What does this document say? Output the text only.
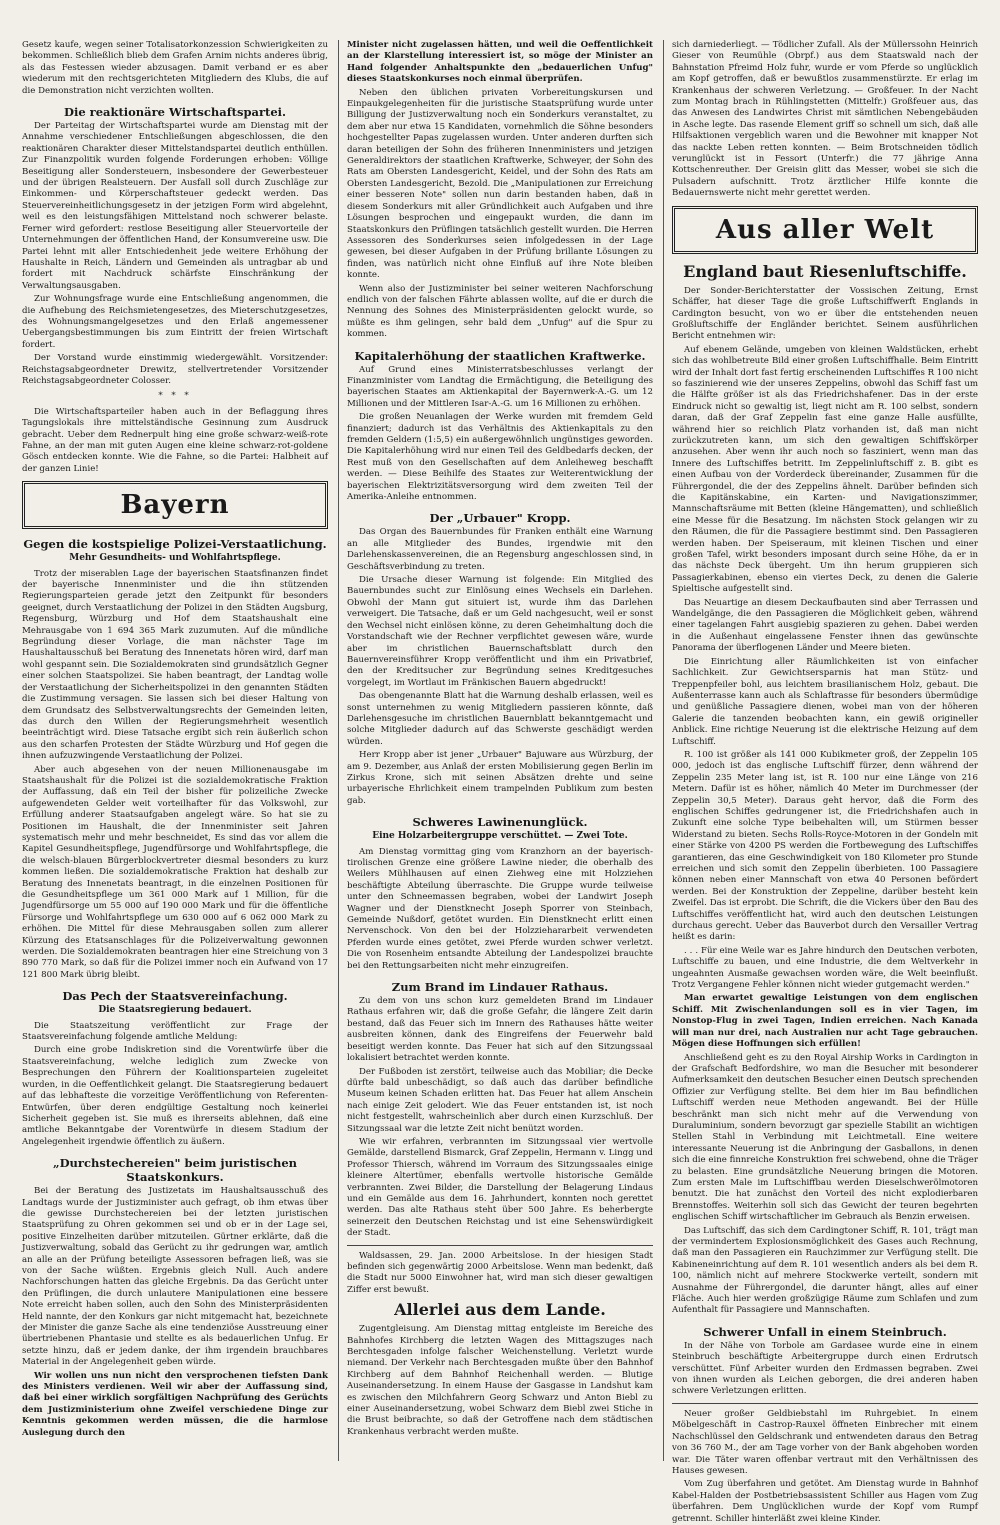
Gesetz kaufe, wegen seiner Totalisatorkonzession Schwierigkeiten zu bekommen. Schließlich blieb dem Grafen Arnim nichts anderes übrig, als das Festessen wieder abzusagen. Damit verband er es aber wiederum mit den rechtsgerichteten Mitgliedern des Klubs, die auf die Demonstration nicht verzichten wollten.

Die reaktionäre Wirtschaftspartei.

Der Parteitag der Wirtschaftspartei wurde am Dienstag mit der Annahme verschiedener Entschließungen abgeschlossen, die den reaktionären Charakter dieser Mittelstandspartei deutlich enthüllen. Zur Finanzpolitik wurden folgende Forderungen erhoben: Völlige Beseitigung aller Sondersteuern, insbesondere der Gewerbesteuer und der übrigen Realsteuern. Der Ausfall soll durch Zuschläge zur Einkommen- und Körperschaftsteuer gedeckt werden. Das Steuervereinheitlichungsgesetz in der jetzigen Form wird abgelehnt, weil es den leistungsfähigen Mittelstand noch schwerer belaste. Ferner wird gefordert: restlose Beseitigung aller Steuervorteile der Unternehmungen der öffentlichen Hand, der Konsumvereine usw. Die Partei lehnt mit aller Entschiedenheit jede weitere Erhöhung der Haushalte in Reich, Ländern und Gemeinden als untragbar ab und fordert mit Nachdruck schärfste Einschränkung der Verwaltungsausgaben.

Zur Wohnungsfrage wurde eine Entschließung angenommen, die die Aufhebung des Reichsmietengesetzes, des Mieterschutzgesetzes, des Wohnungsmangelgesetzes und den Erlaß angemessener Uebergangsbestimmungen bis zum Eintritt der freien Wirtschaft fordert.

Der Vorstand wurde einstimmig wiedergewählt. Vorsitzender: Reichstagsabgeordneter Drewitz, stellvertretender Vorsitzender Reichstagsabgeordneter Colosser.

* * *

Die Wirtschaftsparteiler haben auch in der Beflaggung ihres Tagungslokals ihre mittelständische Gesinnung zum Ausdruck gebracht. Ueber dem Rednerpult hing eine große schwarz-weiß-rote Fahne, an der man mit guten Augen eine kleine schwarz-rot-goldene Gösch entdecken konnte. Wie die Fahne, so die Partei: Halbheit auf der ganzen Linie!

Bayern
Gegen die kostspielige Polizei-Verstaatlichung.
Mehr Gesundheits- und Wohlfahrtspflege.

Trotz der miserablen Lage der bayerischen Staatsfinanzen findet der bayerische Innenminister und die ihn stützenden Regierungsparteien gerade jetzt den Zeitpunkt für besonders geeignet, durch Verstaatlichung der Polizei in den Städten Augsburg, Regensburg, Würzburg und Hof dem Staatshaushalt eine Mehrausgabe von 1 694 365 Mark zuzumuten. Auf die mündliche Begründung dieser Vorlage, die man nächster Tage im Haushaltausschuß bei Beratung des Innenetats hören wird, darf man wohl gespannt sein. Die Sozialdemokraten sind grundsätzlich Gegner einer solchen Staatspolizei. Sie haben beantragt, der Landtag wolle der Verstaatlichung der Sicherheitspolizei in den genannten Städten die Zustimmung versagen. Sie lassen sich bei dieser Haltung von dem Grundsatz des Selbstverwaltungsrechts der Gemeinden leiten, das durch den Willen der Regierungsmehrheit wesentlich beeinträchtigt wird. Diese Tatsache ergibt sich rein äußerlich schon aus den scharfen Protesten der Städte Würzburg und Hof gegen die ihnen aufzuzwingende Verstaatlichung der Polizei.

Aber auch abgesehen von der neuen Millionenausgabe im Staatshaushalt für die Polizei ist die sozialdemokratische Fraktion der Auffassung, daß ein Teil der bisher für polizeiliche Zwecke aufgewendeten Gelder weit vorteilhafter für das Volkswohl, zur Erfüllung anderer Staatsaufgaben angelegt wäre. So hat sie zu Positionen im Haushalt, die der Innenminister seit Jahren systematisch mehr und mehr beschneidet, Es sind das vor allem die Kapitel Gesundheitspflege, Jugendfürsorge und Wohlfahrtspflege, die die welsch-blauen Bürgerblockvertreter diesmal besonders zu kurz kommen ließen. Die sozialdemokratische Fraktion hat deshalb zur Beratung des Innenetats beantragt, in die einzelnen Positionen für die Gesundheitspflege um 361 000 Mark auf 1 Million, für die Jugendfürsorge um 55 000 auf 190 000 Mark und für die öffentliche Fürsorge und Wohlfahrtspflege um 630 000 auf 6 062 000 Mark zu erhöhen. Die Mittel für diese Mehrausgaben sollen zum allerer Kürzung des Etatsanschlages für die Polizeiverwaltung gewonnen werden. Die Sozialdemokraten beantragen hier eine Streichung von 3 890 770 Mark, so daß für die Polizei immer noch ein Aufwand von 17 121 800 Mark übrig bleibt.

Das Pech der Staatsvereinfachung.
Die Staatsregierung bedauert.

Die Staatszeitung veröffentlicht zur Frage der Staatsvereinfachung folgende amtliche Meldung:

Durch eine grobe Indiskretion sind die Vorentwürfe über die Staatsvereinfachung, welche lediglich zum Zwecke von Besprechungen den Führern der Koalitionsparteien zugeleitet wurden, in die Oeffentlichkeit gelangt. Die Staatsregierung bedauert auf das lebhafteste die vorzeitige Veröffentlichung von Referenten-Entwürfen, über deren endgültige Gestaltung noch keinerlei Sicherheit gegeben ist. Sie muß es ihrerseits ablehnen, daß eine amtliche Bekanntgabe der Vorentwürfe in diesem Stadium der Angelegenheit irgendwie öffentlich zu äußern.

„Durchstechereien" beim juristischen Staatskonkurs.

Bei der Beratung des Justizetats im Haushaltsausschuß des Landtags wurde der Justizminister auch gefragt, ob ihm etwas über die gewisse Durchstechereien bei der letzten juristischen Staatsprüfung zu Ohren gekommen sei und ob er in der Lage sei, positive Einzelheiten darüber mitzuteilen. Gürtner erklärte, daß die Justizverwaltung, sobald das Gerücht zu ihr gedrungen war, amtlich an alle an der Prüfung beteiligte Assessoren befragen ließ, was sie von der Sache wüßten. Ergebnis gleich Null. Auch andere Nachforschungen hatten das gleiche Ergebnis. Da das Gerücht unter den Prüflingen, die durch unlautere Manipulationen eine bessere Note erreicht haben sollen, auch den Sohn des Ministerpräsidenten Held nannte, der den Konkurs gar nicht mitgemacht hat, bezeichnete der Minister die ganze Sache als eine tendenziöse Ausstreuung einer übertriebenen Phantasie und stellte es als bedauerlichen Unfug. Er setzte hinzu, daß er jedem danke, der ihm irgendein brauchbares Material in der Angelegenheit geben würde.

Wir wollen uns nun nicht den versprochenen tiefsten Dank des Ministers verdienen. Weil wir aber der Auffassung sind, daß bei einer wirklich sorgfältigen Nachprüfung des Gerüchts dem Justizministerium ohne Zweifel verschiedene Dinge zur Kenntnis gekommen werden müssen, die die harmlose Auslegung durch den

Minister nicht zugelassen hätten, und weil die Oeffentlichkeit an der Klarstellung interessiert ist, so möge der Minister an Hand folgender Anhaltspunkte den „bedauerlichen Unfug" dieses Staatskonkurses noch einmal überprüfen.

Neben den üblichen privaten Vorbereitungskursen und Einpaukgelegenheiten für die juristische Staatsprüfung wurde unter Billigung der Justizverwaltung noch ein Sonderkurs veranstaltet, zu dem aber nur etwa 15 Kandidaten, vornehmlich die Söhne besonders hochgestellter Papas zugelassen wurden. Unter anderen durften sich daran beteiligen der Sohn des früheren Innenministers und jetzigen Generaldirektors der staatlichen Kraftwerke, Schweyer, der Sohn des Rats am Obersten Landesgericht, Keidel, und der Sohn des Rats am Obersten Landesgericht, Bezold. Die „Manipulationen zur Erreichung einer besseren Note" sollen nun darin bestanden haben, daß in diesem Sonderkurs mit aller Gründlichkeit auch Aufgaben und ihre Lösungen besprochen und eingepaukt wurden, die dann im Staatskonkurs den Prüflingen tatsächlich gestellt wurden. Die Herren Assessoren des Sonderkurses seien infolgedessen in der Lage gewesen, bei dieser Aufgaben in der Prüfung brillante Lösungen zu finden, was natürlich nicht ohne Einfluß auf ihre Note bleiben konnte.

Wenn also der Justizminister bei seiner weiteren Nachforschung endlich von der falschen Fährte ablassen wollte, auf die er durch die Nennung des Sohnes des Ministerpräsidenten gelockt wurde, so müßte es ihm gelingen, sehr bald dem „Unfug" auf die Spur zu kommen.

Kapitalerhöhung der staatlichen Kraftwerke.

Auf Grund eines Ministerratsbeschlusses verlangt der Finanzminister vom Landtag die Ermächtigung, die Beteiligung des bayerischen Staates am Aktienkapital der Bayernwerk-A.-G. um 12 Millionen und der Mittleren Isar-A.-G. um 16 Millionen zu erhöhen.

Die großen Neuanlagen der Werke wurden mit fremdem Geld finanziert; dadurch ist das Verhältnis des Aktienkapitals zu den fremden Geldern (1:5,5) ein außergewöhnlich ungünstiges geworden. Die Kapitalerhöhung wird nur einen Teil des Geldbedarfs decken, der Rest muß von den Gesellschaften auf dem Anleiheweg beschafft werden. — Diese Beihilfe des Staates zur Weiterentwicklung der bayerischen Elektrizitätsversorgung wird dem zweiten Teil der Amerika-Anleihe entnommen.

Der „Urbauer" Kropp.

Das Organ des Bauernbundes für Franken enthält eine Warnung an alle Mitglieder des Bundes, irgendwie mit den Darlehenskassenvereinen, die an Regensburg angeschlossen sind, in Geschäftsverbindung zu treten.

Die Ursache dieser Warnung ist folgende: Ein Mitglied des Bauernbundes sucht zur Einlösung eines Wechsels ein Darlehen. Obwohl der Mann gut situiert ist, wurde ihm das Darlehen verweigert. Die Tatsache, daß er um Geld nachgesucht, weil er sonst den Wechsel nicht einlösen könne, zu deren Geheimhaltung doch die Vorstandschaft wie der Rechner verpflichtet gewesen wäre, wurde aber im christlichen Bauernschaftsblatt durch den Bauernvereinsführer Kropp veröffentlicht und ihm ein Privatbrief, den der Kreditsucher zur Begründung seines Kreditgesuches vorgelegt, im Wortlaut im Fränkischen Bauern abgedruckt!

Das obengenannte Blatt hat die Warnung deshalb erlassen, weil es sonst unternehmen zu wenig Mitgliedern passieren könnte, daß Darlehensgesuche im christlichen Bauernblatt bekanntgemacht und solche Mitglieder dadurch auf das Schwerste geschädigt werden würden.

Herr Kropp aber ist jener „Urbauer" Bajuware aus Würzburg, der am 9. Dezember, aus Anlaß der ersten Mobilisierung gegen Berlin im Zirkus Krone, sich mit seinen Absätzen drehte und seine urbayerische Ehrlichkeit einem trampelnden Publikum zum besten gab.

Schweres Lawinenunglück.
Eine Holzarbeitergruppe verschüttet. — Zwei Tote.

Am Dienstag vormittag ging vom Kranzhorn an der bayerisch-tirolischen Grenze eine größere Lawine nieder, die oberhalb des Weilers Mühlhausen auf einen Ziehweg eine mit Holzziehen beschäftigte Abteilung überraschte. Die Gruppe wurde teilweise unter den Schneemassen begraben, wobei der Landwirt Joseph Wagner und der Dienstknecht Joseph Sporrer von Steinbach, Gemeinde Nußdorf, getötet wurden. Ein Dienstknecht erlitt einen Nervenschock. Von den bei der Holzziehararbeit verwendeten Pferden wurde eines getötet, zwei Pferde wurden schwer verletzt. Die von Rosenheim entsandte Abteilung der Landespolizei brauchte bei den Rettungsarbeiten nicht mehr einzugreifen.

Zum Brand im Lindauer Rathaus.

Zu dem von uns schon kurz gemeldeten Brand im Lindauer Rathaus erfahren wir, daß die große Gefahr, die längere Zeit darin bestand, daß das Feuer sich im Innern des Rathauses hätte weiter ausbreiten können, dank des Eingreifens der Feuerwehr bald beseitigt werden konnte. Das Feuer hat sich auf den Sitzungssaal lokalisiert betrachtet werden konnte.

Der Fußboden ist zerstört, teilweise auch das Mobiliar; die Decke dürfte bald unbeschädigt, so daß auch das darüber befindliche Museum keinen Schaden erlitten hat. Das Feuer hat allem Anschein nach einige Zeit gelodert. Wie das Feuer entstanden ist, ist noch nicht festgestellt, wahrscheinlich aber durch einen Kurzschluß. Der Sitzungssaal war die letzte Zeit nicht benützt worden.

Wie wir erfahren, verbrannten im Sitzungssaal vier wertvolle Gemälde, darstellend Bismarck, Graf Zeppelin, Hermann v. Lingg und Professor Thiersch, während im Vorraum des Sitzungssaales einige kleinere Altertümer, ebenfalls wertvolle historische Gemälde verbrannten. Zwei Bilder, die Darstellung der Belagerung Lindaus und ein Gemälde aus dem 16. Jahrhundert, konnten noch gerettet werden. Das alte Rathaus steht über 500 Jahre. Es beherbergte seinerzeit den Deutschen Reichstag und ist eine Sehenswürdigkeit der Stadt.

Waldsassen, 29. Jan. 2000 Arbeitslose. In der hiesigen Stadt befinden sich gegenwärtig 2000 Arbeitslose. Wenn man bedenkt, daß die Stadt nur 5000 Einwohner hat, wird man sich dieser gewaltigen Ziffer erst bewußt.

Allerlei aus dem Lande.

Zugentgleisung. Am Dienstag mittag entgleiste im Bereiche des Bahnhofes Kirchberg die letzten Wagen des Mittagszuges nach Berchtesgaden infolge falscher Weichenstellung. Verletzt wurde niemand. Der Verkehr nach Berchtesgaden mußte über den Bahnhof Kirchberg auf dem Bahnhof Reichenhall werden. — Blutige Auseinandersetzung. In einem Hause der Gasgasse in Landshut kam es zwischen den Milchfahrern Georg Schwarz und Anton Biebl zu einer Auseinandersetzung, wobei Schwarz dem Biebl zwei Stiche in die Brust beibrachte, so daß der Getroffene nach dem städtischen Krankenhaus verbracht werden mußte.

sich darniederliegt. — Tödlicher Zufall. Als der Müllerssohn Heinrich Gieser von Reumühle (Obrpf.) aus dem Staatswald nach der Bahnstation Pfreimd Holz fuhr, wurde er vom Pferde so unglücklich am Kopf getroffen, daß er bewußtlos zusammenstürzte. Er erlag im Krankenhaus der schweren Verletzung. — Großfeuer. In der Nacht zum Montag brach in Rühlingstetten (Mittelfr.) Großfeuer aus, das das Anwesen des Landwirtes Christ mit sämtlichen Nebengebäuden in Asche legte. Das rasende Element griff so schnell um sich, daß alle Hilfsaktionen vergeblich waren und die Bewohner mit knapper Not das nackte Leben retten konnten. — Beim Brotschneiden tödlich verunglückt ist in Fessort (Unterfr.) die 77 jährige Anna Kottschenreuther. Der Greisin glitt das Messer, wobei sie sich die Pulsadern aufschnitt. Trotz ärztlicher Hilfe konnte die Bedauernswerte nicht mehr gerettet werden.

Aus aller Welt
England baut Riesenluftschiffe.

Der Sonder-Berichterstatter der Vossischen Zeitung, Ernst Schäffer, hat dieser Tage die große Luftschiffwerft Englands in Cardington besucht, von wo er über die entstehenden neuen Großluftschiffe der Engländer berichtet. Seinem ausführlichen Bericht entnehmen wir:

Auf ebenem Gelände, umgeben von kleinen Waldstücken, erhebt sich das wohlbetreute Bild einer großen Luftschiffhalle. Beim Eintritt wird der Inhalt dort fast fertig erscheinenden Luftschiffes R 100 nicht so faszinierend wie der unseres Zeppelins, obwohl das Schiff fast um die Hälfte größer ist als das Friedrichshafener. Das in der erste Eindruck nicht so gewaltig ist, liegt nicht am R. 100 selbst, sondern daran, daß der Graf Zeppelin fast eine ganze Halle ausfüllte, während hier so reichlich Platz vorhanden ist, daß man nicht zurückzutreten kann, um sich den gewaltigen Schiffskörper anzusehen. Aber wenn ihr auch noch so fasziniert, wenn man das Innere des Luftschiffes betritt. Im Zeppelinluftschiff z. B. gibt es einen Aufbau von der Vorderdeck übereinander, Zusammen für die Führergondel, die der des Zeppelins ähnelt. Darüber befinden sich die Kapitänskabine, ein Karten- und Navigationszimmer, Mannschaftsräume mit Betten (kleine Hängematten), und schließlich eine Messe für die Besatzung. Im nächsten Stock gelangen wir zu den Räumen, die für die Passagiere bestimmt sind. Den Passagieren werden haben. Der Speiseraum, mit kleinen Tischen und einer großen Tafel, wirkt besonders imposant durch seine Höhe, da er in das nächste Deck übergeht. Um ihn herum gruppieren sich Passagierkabinen, ebenso ein viertes Deck, zu denen die Galerie Spieltische aufgestellt sind.

Das Neuartige an diesem Deckaufbauten sind aber Terrassen und Wandelgänge, die den Passagieren die Möglichkeit geben, während einer tagelangen Fahrt ausgiebig spazieren zu gehen. Dabei werden in die Außenhaut eingelassene Fenster ihnen das gewünschte Panorama der überflogenen Länder und Meere bieten.

Die Einrichtung aller Räumlichkeiten ist von einfacher Sachlichkeit. Zur Gewichtsersparnis hat man Stütz- und Treppenpfeiler bohl, aus leichtem brasilianischem Holz, gebaut. Die Außenterrasse kann auch als Schlaftrasse für besonders übermüdige und genüßliche Passagiere dienen, wobei man von der höheren Galerie die tanzenden beobachten kann, ein gewiß origineller Anblick. Eine richtige Neuerung ist die elektrische Heizung auf dem Luftschiff.

R. 100 ist größer als 141 000 Kubikmeter groß, der Zeppelin 105 000, jedoch ist das englische Luftschiff fürzer, denn während der Zeppelin 235 Meter lang ist, ist R. 100 nur eine Länge von 216 Metern. Dafür ist es höher, nämlich 40 Meter im Durchmesser (der Zeppelin 30,5 Meter). Daraus geht hervor, daß die Form des englischen Schiffes gedrungener ist, die Friedrichshafen auch in Zukunft eine solche Type beibehalten will, um Stürmen besser Widerstand zu bieten. Sechs Rolls-Royce-Motoren in der Gondeln mit einer Stärke von 4200 PS werden die Fortbewegung des Luftschiffes garantieren, das eine Geschwindigkeit von 180 Kilometer pro Stunde erreichen und sich somit den Zeppelin überbieten. 100 Passagiere können neben einer Mannschaft von etwa 40 Personen befördert werden. Bei der Konstruktion der Zeppeline, darüber besteht kein Zweifel. Das ist erprobt. Die Schrift, die die Vickers über den Bau des Luftschiffes veröffentlicht hat, wird auch den deutschen Leistungen durchaus gerecht. Ueber das Bauverbot durch den Versailler Vertrag heißt es darin:

. . . Für eine Weile war es Jahre hindurch den Deutschen verboten, Luftschiffe zu bauen, und eine Industrie, die dem Weltverkehr in ungeahnten Ausmaße gewachsen worden wäre, die Welt beeinflußt. Trotz Vergangene Fehler können nicht wieder gutgemacht werden."

Man erwartet gewaltige Leistungen von dem englischen Schiff. Mit Zwischenlandungen soll es in vier Tagen, im Nonstop-Flug in zwei Tagen, Indien erreichen. Nach Kanada will man nur drei, nach Australien nur acht Tage gebrauchen. Mögen diese Hoffnungen sich erfüllen!

Anschließend geht es zu den Royal Airship Works in Cardington in der Grafschaft Bedfordshire, wo man die Besucher mit besonderer Aufmerksamkeit den deutschen Besucher einen Deutsch sprechenden Offizier zur Verfügung stellte. Bei dem hier im Bau befindlichen Luftschiff werden neue Methoden angewandt. Bei der Hülle beschränkt man sich nicht mehr auf die Verwendung von Duraluminium, sondern bevorzugt gar spezielle Stabilit an wichtigen Stellen Stahl in Verbindung mit Leichtmetall. Eine weitere interessante Neuerung ist die Anbringung der Gasballons, in denen sich die eine finnreiche Konstruktion frei schwebend, ohne die Träger zu belasten. Eine grundsätzliche Neuerung bringen die Motoren. Zum ersten Male im Luftschiffbau werden Dieselschwerölmotoren benutzt. Die hat zunächst den Vorteil des nicht explodierbaren Brennstoffes. Weiterhin soll sich das Gewicht der teuren begehrten englischen Schiff wirtschaftlicher im Gebrauch als Benzin erweisen.

Das Luftschiff, das sich dem Cardingtoner Schiff, R. 101, trägt man der vermindertem Explosionsmöglichkeit des Gases auch Rechnung, daß man den Passagieren ein Rauchzimmer zur Verfügung stellt. Die Kabineneinrichtung auf dem R. 101 wesentlich anders als bei dem R. 100, nämlich nicht auf mehrere Stockwerke verteilt, sondern mit Ausnahme der Führergondel, die darunter hängt, alles auf einer Fläche. Auch hier werden großzügige Räume zum Schlafen und zum Aufenthalt für Passagiere und Mannschaften.

Schwerer Unfall in einem Steinbruch.

In der Nähe von Torbole am Gardasee wurde eine in einem Steinbruch beschäftigte Arbeitergruppe durch einen Erdrutsch verschüttet. Fünf Arbeiter wurden den Erdmassen begraben. Zwei von ihnen wurden als Leichen geborgen, die drei anderen haben schwere Verletzungen erlitten.

Neuer großer Geldbiebstahl im Ruhrgebiet. In einem Möbelgeschäft in Castrop-Rauxel öffneten Einbrecher mit einem Nachschlüssel den Geldschrank und entwendeten daraus den Betrag von 36 760 M., der am Tage vorher von der Bank abgehoben worden war. Die Täter waren offenbar vertraut mit den Verhältnissen des Hauses gewesen.

Vom Zug überfahren und getötet. Am Dienstag wurde in Bahnhof Kabel-Halden der Postbetriebsassistent Schiller aus Hagen vom Zug überfahren. Dem Unglücklichen wurde der Kopf vom Rumpf getrennt. Schiller hinterläßt zwei kleine Kinder.
